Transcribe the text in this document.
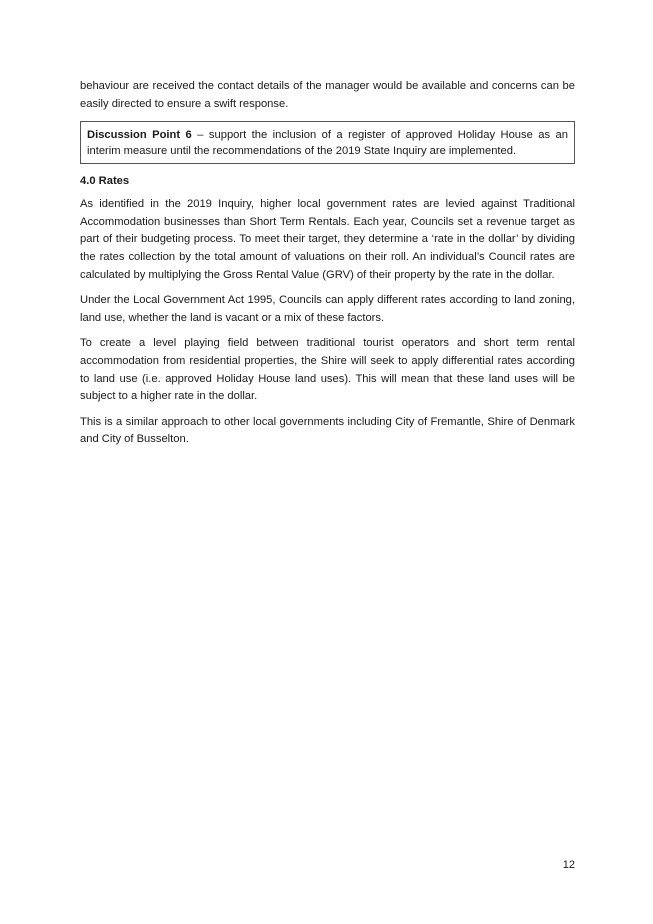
behaviour are received the contact details of the manager would be available and concerns can be easily directed to ensure a swift response.

Discussion Point 6 – support the inclusion of a register of approved Holiday House as an interim measure until the recommendations of the 2019 State Inquiry are implemented.

4.0 Rates

As identified in the 2019 Inquiry, higher local government rates are levied against Traditional Accommodation businesses than Short Term Rentals. Each year, Councils set a revenue target as part of their budgeting process. To meet their target, they determine a ‘rate in the dollar’ by dividing the rates collection by the total amount of valuations on their roll. An individual’s Council rates are calculated by multiplying the Gross Rental Value (GRV) of their property by the rate in the dollar.

Under the Local Government Act 1995, Councils can apply different rates according to land zoning, land use, whether the land is vacant or a mix of these factors.

To create a level playing field between traditional tourist operators and short term rental accommodation from residential properties, the Shire will seek to apply differential rates according to land use (i.e. approved Holiday House land uses). This will mean that these land uses will be subject to a higher rate in the dollar.

This is a similar approach to other local governments including City of Fremantle, Shire of Denmark and City of Busselton.

12
